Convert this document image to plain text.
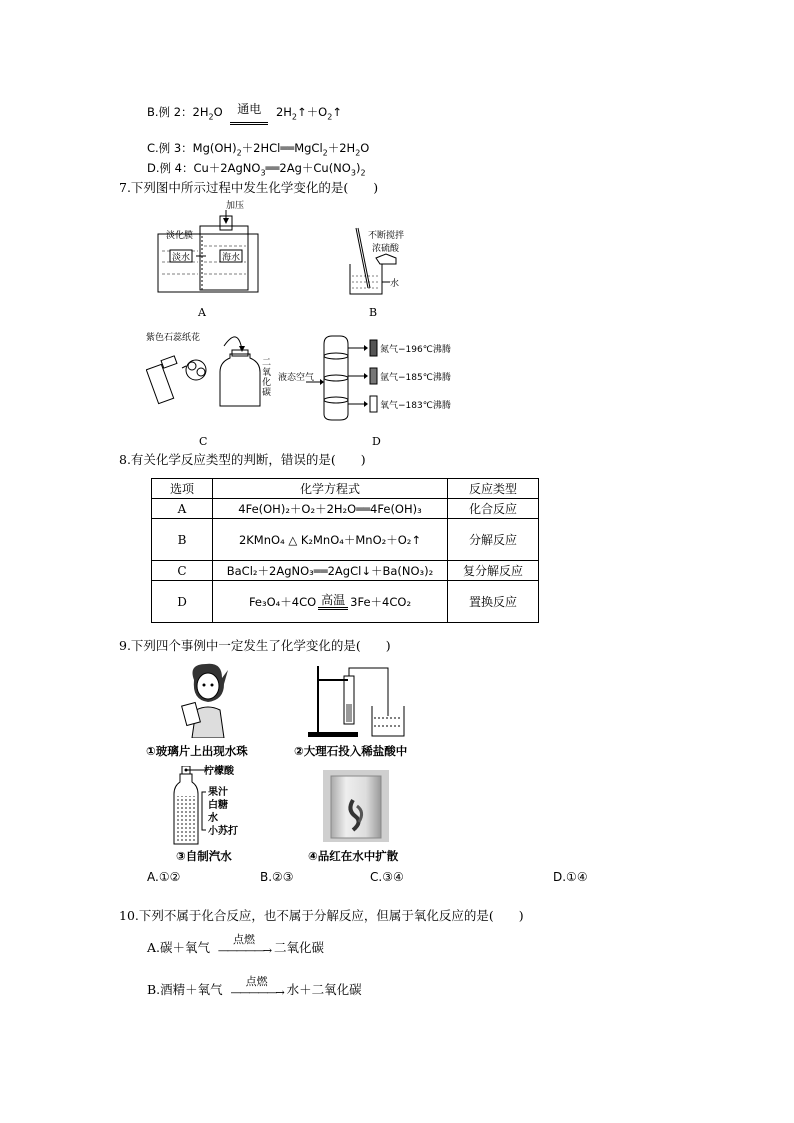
B.例 2：$2H_2O$	通电	$2H_2↑+O_2↑$
C.例 3：$Mg(OH)_2+2HCl══MgCl_2+2H_2O$
D.例 4：$Cu+2AgNO_3══2Ag+Cu(NO_3)_2$
7.下列图中所示过程中发生化学变化的是(　　)
加压
淡化膜
淡水	海水
A
不断搅拌
浓硫酸
水
B
紫色石蕊纸花
二氧化碳
C
液态空气
氮气−196℃沸腾
氩气−185℃沸腾
氧气−183℃沸腾
D
8.有关化学反应类型的判断，错误的是(　　)
选项	化学方程式	反应类型
A	4Fe(OH)₂＋O₂＋2H₂O══4Fe(OH)₃	化合反应
B	2KMnO₄ △ K₂MnO₄＋MnO₂＋O₂↑	分解反应
C	BaCl₂＋2AgNO₃══2AgCl↓＋Ba(NO₃)₂	复分解反应
D	Fe₃O₄＋4CO 高温 3Fe＋4CO₂	置换反应
9.下列四个事例中一定发生了化学变化的是(　　)
①玻璃片上出现水珠	②大理石投入稀盐酸中
柠檬酸
果汁
白糖
水
小苏打
③自制汽水	④品红在水中扩散
A.①②	B.②③	C.③④	D.①④
10.下列不属于化合反应，也不属于分解反应，但属于氧化反应的是(　　)
A.碳＋氧气
点燃
—————→ 二氧化碳
B.酒精＋氧气
点燃
—————→ 水＋二氧化碳
